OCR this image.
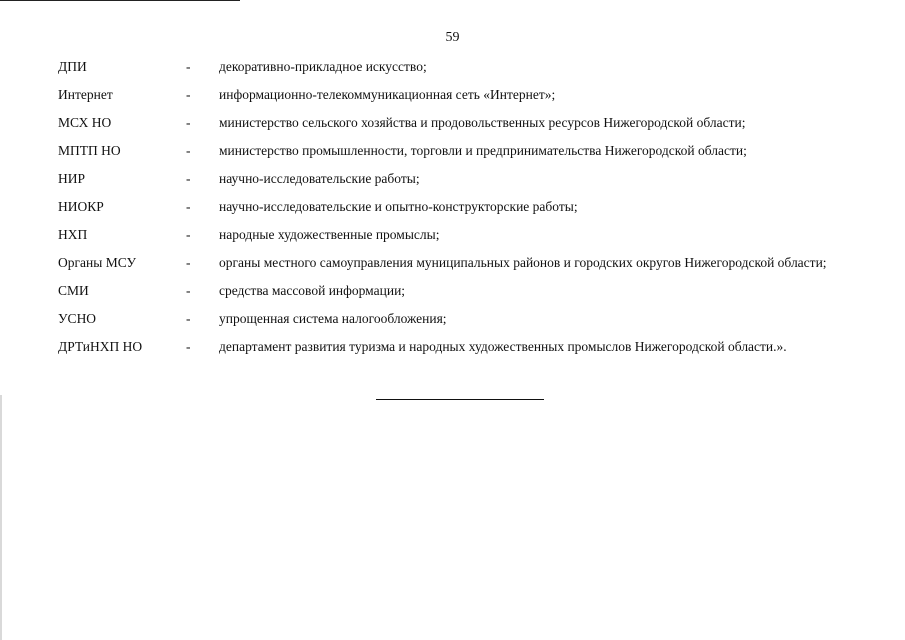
59
ДПИ	-	декоративно-прикладное искусство;
Интернет	-	информационно-телекоммуникационная сеть «Интернет»;
МСХ НО	-	министерство сельского хозяйства и продовольственных ресурсов Нижегородской области;
МПТП НО	-	министерство промышленности, торговли и предпринимательства Нижегородской области;
НИР	-	научно-исследовательские работы;
НИОКР	-	научно-исследовательские и опытно-конструкторские работы;
НХП	-	народные художественные промыслы;
Органы МСУ	-	органы местного самоуправления муниципальных районов и городских округов Нижегородской области;
СМИ	-	средства массовой информации;
УСНО	-	упрощенная система налогообложения;
ДРТиНХП НО	-	департамент развития туризма и народных художественных промыслов Нижегородской области.».
